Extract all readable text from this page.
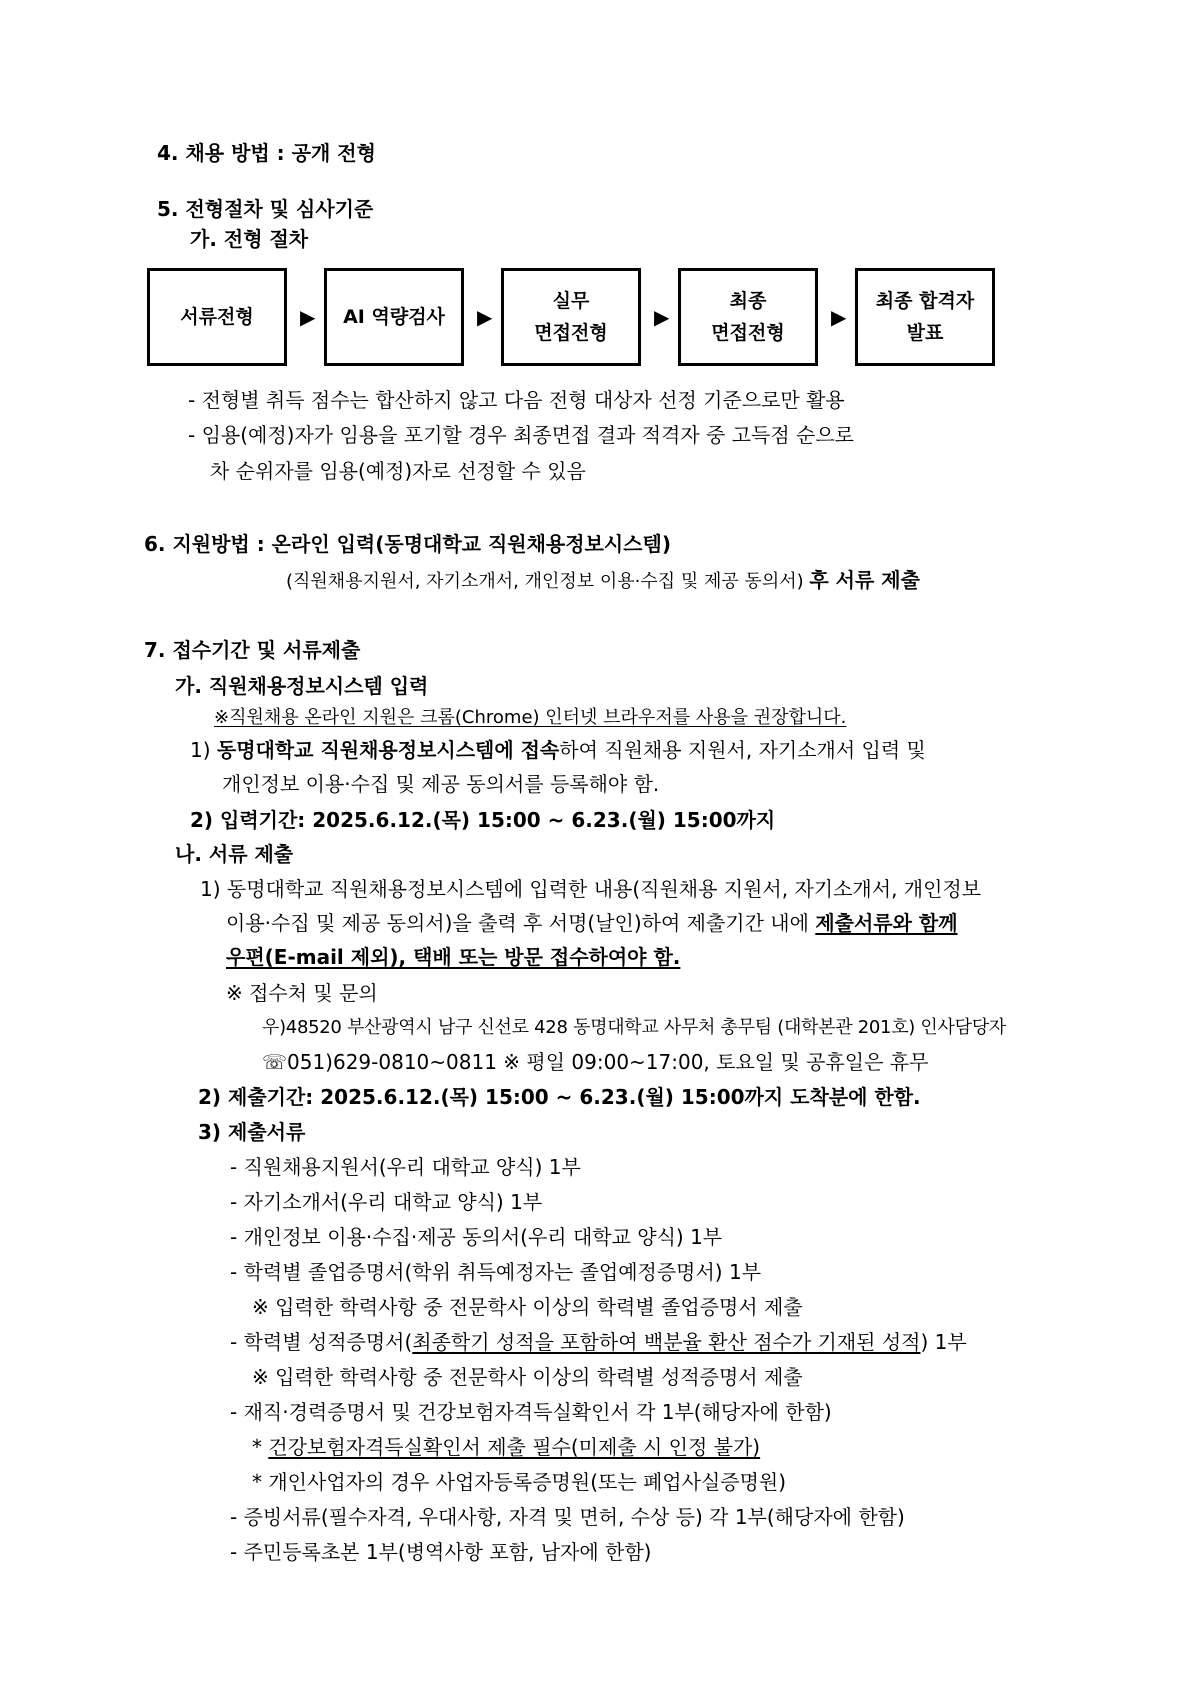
4. 채용 방법 : 공개 전형
5. 전형절차 및 심사기준
가. 전형 절차
서류전형 ▶ AI 역량검사 ▶
실무
면접전형
▶
최종
면접전형
▶
최종 합격자
발표
- 전형별 취득 점수는 합산하지 않고 다음 전형 대상자 선정 기준으로만 활용
- 임용(예정)자가 임용을 포기할 경우 최종면접 결과 적격자 중 고득점 순으로
차 순위자를 임용(예정)자로 선정할 수 있음
6. 지원방법 : 온라인 입력(동명대학교 직원채용정보시스템)
(직원채용지원서, 자기소개서, 개인정보 이용·수집 및 제공 동의서) 후 서류 제출
7. 접수기간 및 서류제출
가. 직원채용정보시스템 입력
※직원채용 온라인 지원은 크롬(Chrome) 인터넷 브라우저를 사용을 권장합니다.
1) 동명대학교 직원채용정보시스템에 접속하여 직원채용 지원서, 자기소개서 입력 및
개인정보 이용·수집 및 제공 동의서를 등록해야 함.
2) 입력기간: 2025.6.12.(목) 15:00 ~ 6.23.(월) 15:00까지
나. 서류 제출
1) 동명대학교 직원채용정보시스템에 입력한 내용(직원채용 지원서, 자기소개서, 개인정보
이용·수집 및 제공 동의서)을 출력 후 서명(날인)하여 제출기간 내에 제출서류와 함께
우편(E-mail 제외), 택배 또는 방문 접수하여야 함.
※ 접수처 및 문의
우)48520 부산광역시 남구 신선로 428 동명대학교 사무처 총무팀 (대학본관 201호) 인사담당자
☏051)629-0810~0811 ※ 평일 09:00~17:00, 토요일 및 공휴일은 휴무
2) 제출기간: 2025.6.12.(목) 15:00 ~ 6.23.(월) 15:00까지 도착분에 한함.
3) 제출서류
- 직원채용지원서(우리 대학교 양식) 1부
- 자기소개서(우리 대학교 양식) 1부
- 개인정보 이용·수집·제공 동의서(우리 대학교 양식) 1부
- 학력별 졸업증명서(학위 취득예정자는 졸업예정증명서) 1부
※ 입력한 학력사항 중 전문학사 이상의 학력별 졸업증명서 제출
- 학력별 성적증명서(최종학기 성적을 포함하여 백분율 환산 점수가 기재된 성적) 1부
※ 입력한 학력사항 중 전문학사 이상의 학력별 성적증명서 제출
- 재직·경력증명서 및 건강보험자격득실확인서 각 1부(해당자에 한함)
* 건강보험자격득실확인서 제출 필수(미제출 시 인정 불가)
* 개인사업자의 경우 사업자등록증명원(또는 폐업사실증명원)
- 증빙서류(필수자격, 우대사항, 자격 및 면허, 수상 등) 각 1부(해당자에 한함)
- 주민등록초본 1부(병역사항 포함, 남자에 한함)
